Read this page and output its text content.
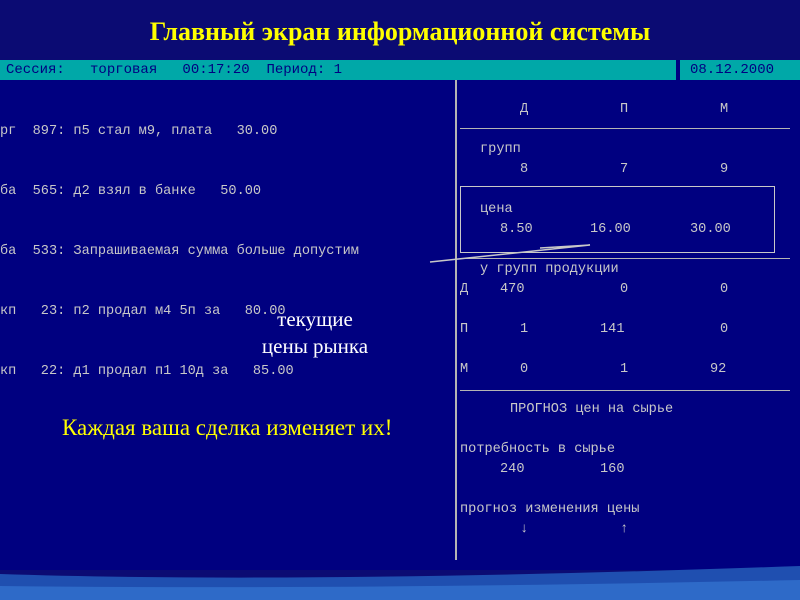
Главный экран информационной системы
Сессия:   торговая   00:17:20  Период: 1	08.12.2000

рг  897: п5 стал м9, плата   30.00

ба  565: д2 взял в банке   50.00

ба  533: Запрашиваемая сумма больше допустим

кп   23: п2 продал м4 5п за   80.00

кп   22: д1 продал п1 10д за   85.00

Д	П	М
групп
8	7	9
цена
8.50	16.00	30.00
у групп продукции
Д 470	0	0
П	1	141	0
М	0	1	92
ПРОГНОЗ цен на сырье
потребность в сырье
240	160
прогноз изменения цены
↓	↑
текущие
цены рынка
Каждая ваша сделка изменяет их!
